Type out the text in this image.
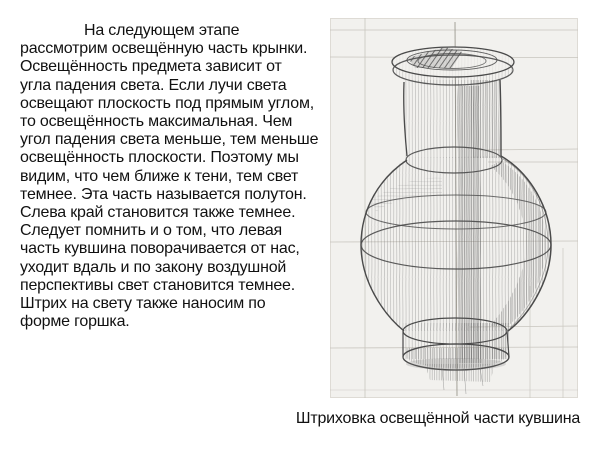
На следующем этапе
рассмотрим освещённую часть крынки.
Освещённость предмета зависит от
угла падения света. Если лучи света
освещают плоскость под прямым углом,
то освещённость максимальная. Чем
угол падения света меньше, тем меньше
освещённость плоскости. Поэтому мы
видим, что чем ближе к тени, тем свет
темнее. Эта часть называется полутон.
Слева край становится также темнее.
Следует помнить и о том, что левая
часть кувшина поворачивается от нас,
уходит вдаль и по закону воздушной
перспективы свет становится темнее.
Штрих на свету также наносим по
форме горшка.
Штриховка освещённой части кувшина
